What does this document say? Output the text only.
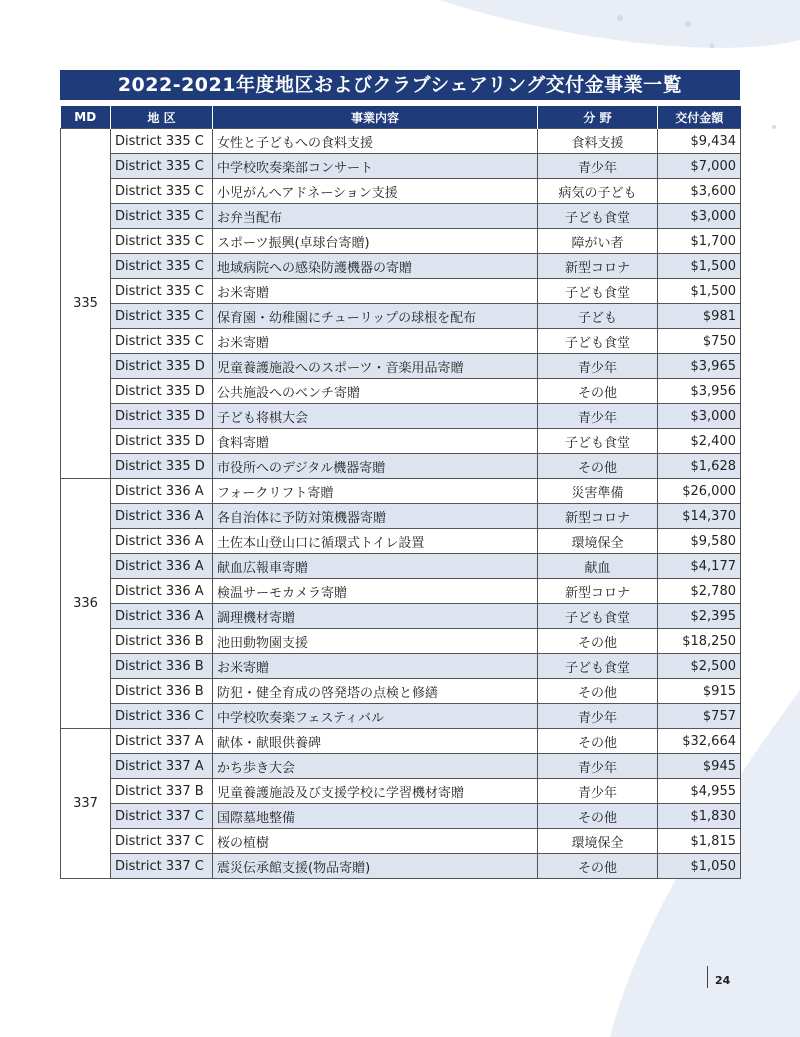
2022-2021年度地区およびクラブシェアリング交付金事業一覧
MD	地 区	事業内容	分 野	交付金額
335	District 335 C	女性と子どもへの食料支援	食料支援	$9,434
	District 335 C	中学校吹奏楽部コンサート	青少年	$7,000
	District 335 C	小児がんへアドネーション支援	病気の子ども	$3,600
	District 335 C	お弁当配布	子ども食堂	$3,000
	District 335 C	スポーツ振興(卓球台寄贈)	障がい者	$1,700
	District 335 C	地域病院への感染防護機器の寄贈	新型コロナ	$1,500
	District 335 C	お米寄贈	子ども食堂	$1,500
	District 335 C	保育園・幼稚園にチューリップの球根を配布	子ども	$981
	District 335 C	お米寄贈	子ども食堂	$750
	District 335 D	児童養護施設へのスポーツ・音楽用品寄贈	青少年	$3,965
	District 335 D	公共施設へのベンチ寄贈	その他	$3,956
	District 335 D	子ども将棋大会	青少年	$3,000
	District 335 D	食料寄贈	子ども食堂	$2,400
	District 335 D	市役所へのデジタル機器寄贈	その他	$1,628
336	District 336 A	フォークリフト寄贈	災害準備	$26,000
	District 336 A	各自治体に予防対策機器寄贈	新型コロナ	$14,370
	District 336 A	土佐本山登山口に循環式トイレ設置	環境保全	$9,580
	District 336 A	献血広報車寄贈	献血	$4,177
	District 336 A	検温サーモカメラ寄贈	新型コロナ	$2,780
	District 336 A	調理機材寄贈	子ども食堂	$2,395
	District 336 B	池田動物園支援	その他	$18,250
	District 336 B	お米寄贈	子ども食堂	$2,500
	District 336 B	防犯・健全育成の啓発塔の点検と修繕	その他	$915
	District 336 C	中学校吹奏楽フェスティバル	青少年	$757
337	District 337 A	献体・献眼供養碑	その他	$32,664
	District 337 A	かち歩き大会	青少年	$945
	District 337 B	児童養護施設及び支援学校に学習機材寄贈	青少年	$4,955
	District 337 C	国際墓地整備	その他	$1,830
	District 337 C	桜の植樹	環境保全	$1,815
	District 337 C	震災伝承館支援(物品寄贈)	その他	$1,050
24
